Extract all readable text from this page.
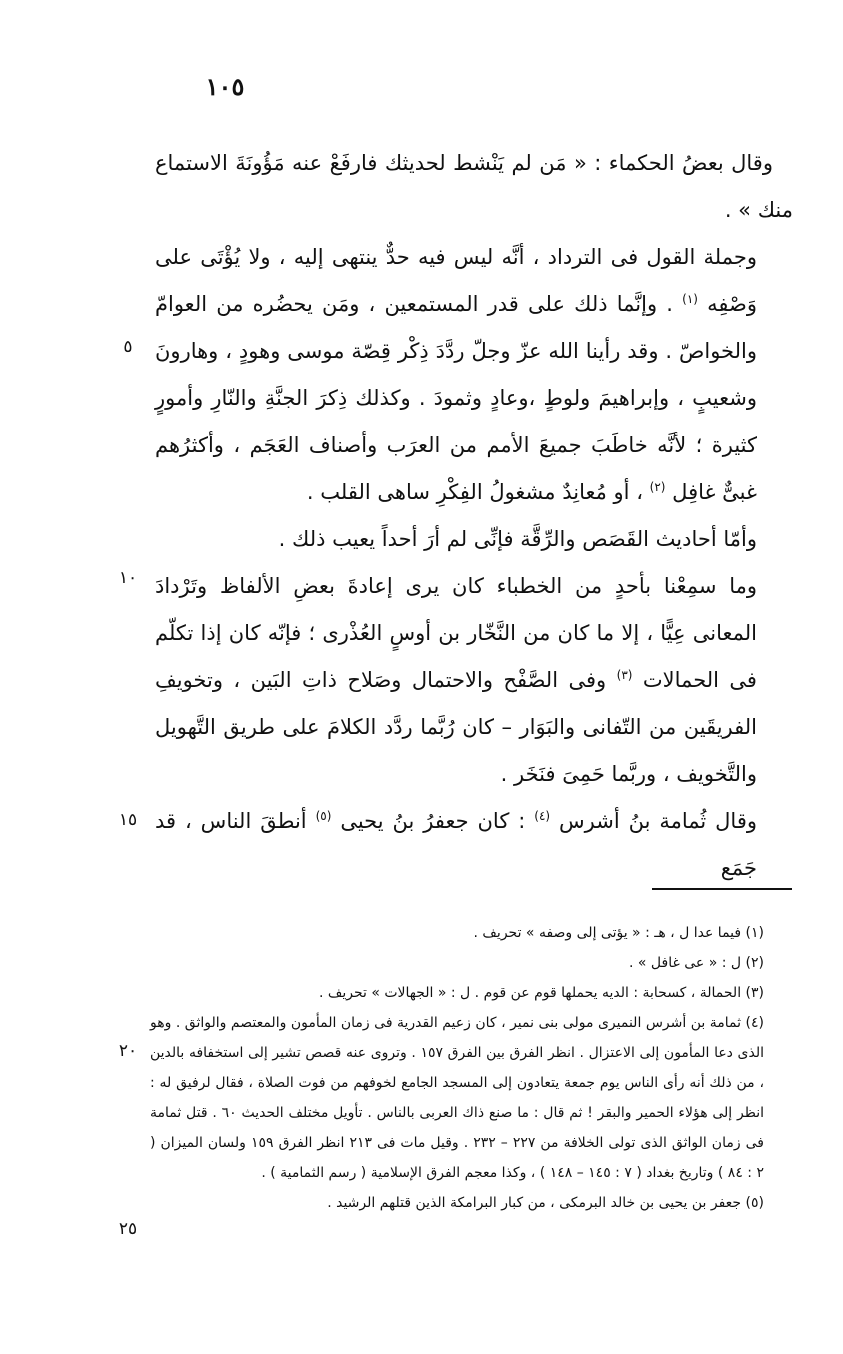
١٠٥

وقال بعضُ الحكماء : « مَن لم يَنْشط لحديثك فارفَعْ عنه مَؤُونَةَ الاستماع منك » .

وجملة القول فى الترداد ، أنَّه ليس فيه حدٌّ ينتهى إليه ، ولا يُؤْتَى على وَصْفِه $^{(١)}$ . وإنَّما ذلك على قدر المستمعين ، ومَن يحضُره من العوامّ والخواصّ . وقد رأينا الله عزّ وجلّ ردَّدَ ذِكْر قِصّة موسى وهودٍ ، وهارونَ وشعيبٍ ، وإبراهيمَ ولوطٍ ،وعادٍ وثمودَ . وكذلك ذِكرَ الجنَّةِ والنّارِ وأمورٍ كثيرة ؛ لأنَّه خاطَبَ جميعَ الأمم من العرَب وأصناف العَجَم ، وأكثرُهم غبىٌّ غافِل $^{(٢)}$ ، أو مُعانِدٌ مشغولُ الفِكْرِ ساهى القلب .

وأمّا أحاديث القَصَص والرِّقَّة فإنِّى لم أرَ أحداً يعيب ذلك .

وما سمِعْنا بأحدٍ من الخطباء كان يرى إعادةَ بعضِ الألفاظ وتَرْدادَ المعانى عِيًّا ، إلا ما كان من النَّخّار بن أوسٍ العُذْرى ؛ فإنّه كان إذا تكلّم فى الحمالات $^{(٣)}$ وفى الصَّفْح والاحتمال وصَلاح ذاتِ البَين ، وتخويفِ الفريقَين من التّفانى والبَوَار – كان رُبَّما ردَّد الكلامَ على طريق التَّهويل والتَّخويف ، وربَّما حَمِىَ فنَخَر .

وقال ثُمامة بنُ أشرس $^{(٤)}$ : كان جعفرُ بنُ يحيى $^{(٥)}$ أنطقَ الناس ، قد جَمَع

٥
١٠
١٥
٢٠
٢٥

(١) فيما عدا ل ، هـ : « يؤتى إلى وصفه » تحريف .

(٢) ل : « عى غافل » .

(٣) الحمالة ، كسحابة : الديه يحملها قوم عن قوم . ل : « الجهالات » تحريف .

(٤) ثمامة بن أشرس النميرى مولى بنى نمير ، كان زعيم القدرية فى زمان المأمون والمعتصم والواثق . وهو الذى دعا المأمون إلى الاعتزال . انظر الفرق بين الفرق ١٥٧ . وتروى عنه قصص تشير إلى استخفافه بالدين ، من ذلك أنه رأى الناس يوم جمعة يتعادون إلى المسجد الجامع لخوفهم من فوت الصلاة ، فقال لرفيق له : انظر إلى هؤلاء الحمير والبقر ! ثم قال : ما صنع ذاك العربى بالناس . تأويل مختلف الحديث ٦٠ . قتل ثمامة فى زمان الواثق الذى تولى الخلافة من ٢٢٧ – ٢٣٢ . وقيل مات فى ٢١٣ انظر الفرق ١٥٩ ولسان الميزان ( ٢ : ٨٤ ) وتاريخ بغداد ( ٧ : ١٤٥ – ١٤٨ ) ، وكذا معجم الفرق الإسلامية ( رسم الثمامية ) .

(٥) جعفر بن يحيى بن خالد البرمكى ، من كبار البرامكة الذين قتلهم الرشيد .
